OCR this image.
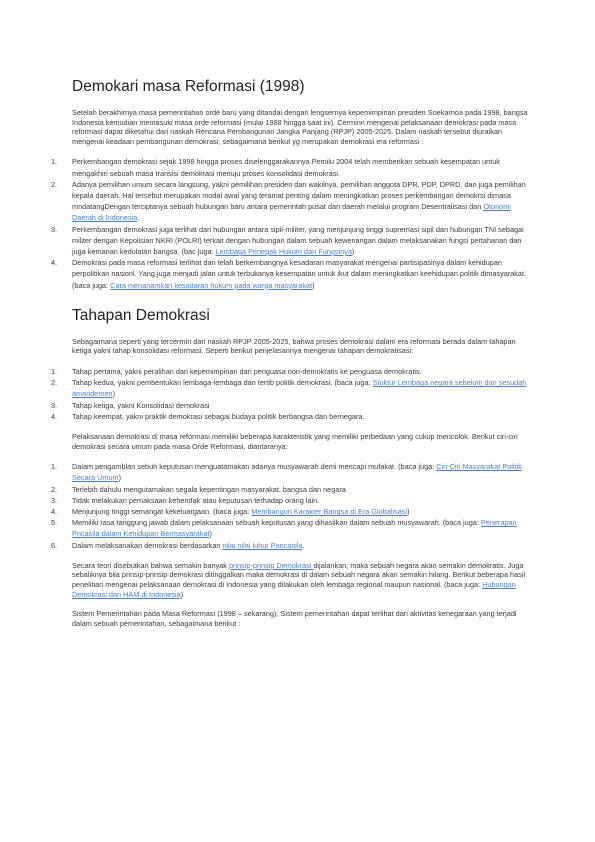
Demokari masa Reformasi (1998)

Setelah berakhirnya masa pemerintahan orde baru yang ditandai dengan lengsernya kepemimpinan presiden Soekarnoa pada 1998, bangsa Indonesia kemudian memasuki masa orde reformasi (mulai 1988 hingga saat ini). Cerminn mengenai pelaksanaan demokrasi pada masa reformasi dapat diketahui dari naskah Rencana Pembangunan Jangka Panjang (RPJP) 2005-2025. Dalam naskah tersebut diuraikan mengenai keadaan pembangunan demokrasi, sebagaimana berikut yg merupakan demokrasi era reformasi :

1. Perkembangan demokrasi sejak 1998 hingga proses diselenggarakannya Pemilu 2004 telah memberikan sebuah kesempatan untuk mengakhiri sebuah masa transisi demokrasi menuju proses konsolidasi demokrasi.
2. Adanya pemilihan umum secara langsung, yakni pemilihan presiden dan wakilnya, pemilihan anggota DPR, PDP, DPRD, dan juga pemilihan kepala daerah. Hal tersebut merupakan modal awal yang teramat penting dalam meningkatkan proses perkembangan demokrsi dimasa mndatangDengan terciptanya sebuah hubungan baru antara pemerintah pusat dan daerah melalui program Desentralisasi dan Otonomi Daerah di Indonesia.
3. Perkembangan demokrasi juga terlihat dari hubungan antara sipil-militer, yang menjunjung tinggi supremasi sipil dan hubungan TNI sebagai militer dengan Kepolisian NKRI (POLRI) terkait dengan hubungan dalam sebuah kewenangan dalam melaksanakan fungsi pertahanan dan juga kemanan kedulatan bangsa. (bac juga: Lembaga Penegak Hukum dan Fungsinya)
4. Demokrasi pada masa reformasi terlihat dari telah berkembangnya kesadaran masyarakat mengenai partisipasinya dalam kehidupan perpolitikan nasionl. Yang juga menjadi jalan untuk terbukanya kesempatan untuk ikut dalam meningkatkan keehidupan politik dimasyarakat. (baca juga: Cara menanamkan kesadaran hukum pada warga masyarakat)
Tahapan Demokrasi

Sebagaimana seperti yang tercermin dari naskah RPJP 2005-2025, bahwa proses demokrasi dalam era reformasi berada dalam tahapan ketiga yakni tahap konsolidasi reformasi. Seperti berikut penjelasannya mengenai tahapan demokratisasi:

1. Tahap pertama, yakni peralihan dari kepemimpinan dari penguasa non-demokratis ke penguasa demokratis.
2. Tahap kedua, yakni pembentukan lembaga-lembaga dan tertib politik demokrasi. (baca juga: Stuktur Lembaga negara sebelum dan sesudah amandemen)
3. Tahap ketiga, yakni Konsolidasi demokrasi
4. Tahap keempat, yakni praktik demokrasi sebagai budaya politik berbangsa dan bernegara.

Pelaksanaan demokrasi di masa reformasi memiliki beberapa karakteristik yang memiliki perbedaan yang cukup mencolok. Berikut ciri-ciri demokrasi secara umum pada masa Orde Reformasi, diantaranya:

1. Dalam pengamblan sebuh keputusan menguatamakan adanya musyawarah demi mencapi mufakat. (baca juga: Ciri-Ciri Masyarakat Politik Secara Umum)
2. Terlebih dahulu mengutamakan segala kepentingan masyarakat, bangsa dan negara
3. Tidak melakukan pemaksaan kehendak atau keputusan terhadap orang lain.
4. Menjunjung tinggi semangat kekeluargaan. (baca juga: Membangun Karakter Bangsa di Era Globalisasi)
5. Memiliki rasa tanggung jawab dalam pelaksanaan sebuah keputusan yang dihasilkan dalam sebuah musyawarah. (baca juga: Penerapan Pncasila dalam Kehidupan Bermasyarakat)
6. Dalam melaksanakan demokrasi berdasarkan nilai nilai luhur Pancasila.

Secara teori disebutkan bahwa semakin banyak prinsip-prinsip Demokrasi dijalankan, maka sebuah negara akan semakin demokratis. Juga sebaliknya bila prinsip-prinsip demokrasi ditinggalkan maka demokrasi di dalam sebuah negara akan semakin hilang. Berikut beberapa hasil penelitian mengenai pelaksanaan demokrasi di Indonesia yang dilakukan oleh lembaga regional maupun nasional. (baca juga: Hubungan Demokrasi dan HAM di Indonesia)

Sistem Pemerintahan pada Masa Reformasi (1998 – sekarang), Sistem pemerintahan dapat terlihat dari aktivitas kenegaraan yang terjadi dalam sebuah pemerintahan, sebagaimana berikut :
